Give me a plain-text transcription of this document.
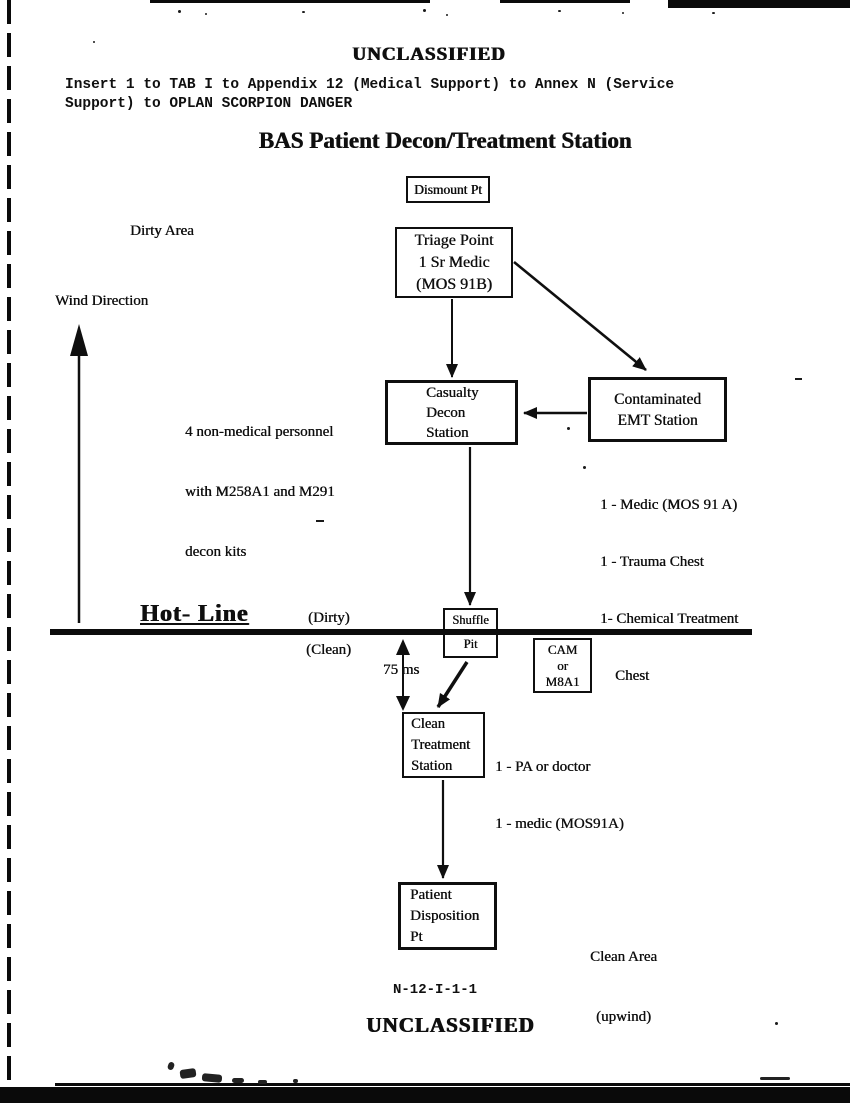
UNCLASSIFIED
Insert 1 to TAB I to Appendix 12 (Medical Support) to Annex N (Service
Support) to OPLAN SCORPION DANGER
BAS Patient Decon/Treatment Station
Dirty Area
Wind Direction
Hot- Line	(Dirty)
(Clean)
75 ms
Dismount Pt
Triage Point
1 Sr Medic
(MOS 91B)
Casualty
Decon
Station
Contaminated
EMT Station
Shuffle
Pit	CAM
or
M8A1
Clean
Treatment
Station
Patient
Disposition
Pt

4 non-medical personnel

with M258A1 and M291

decon kits

1 - Medic (MOS 91 A)

1 - Trauma Chest

1- Chemical Treatment

Chest

1 - PA or doctor

1 - medic (MOS91A)

Clean Area

(upwind)

N-12-I-1-1
UNCLASSIFIED
